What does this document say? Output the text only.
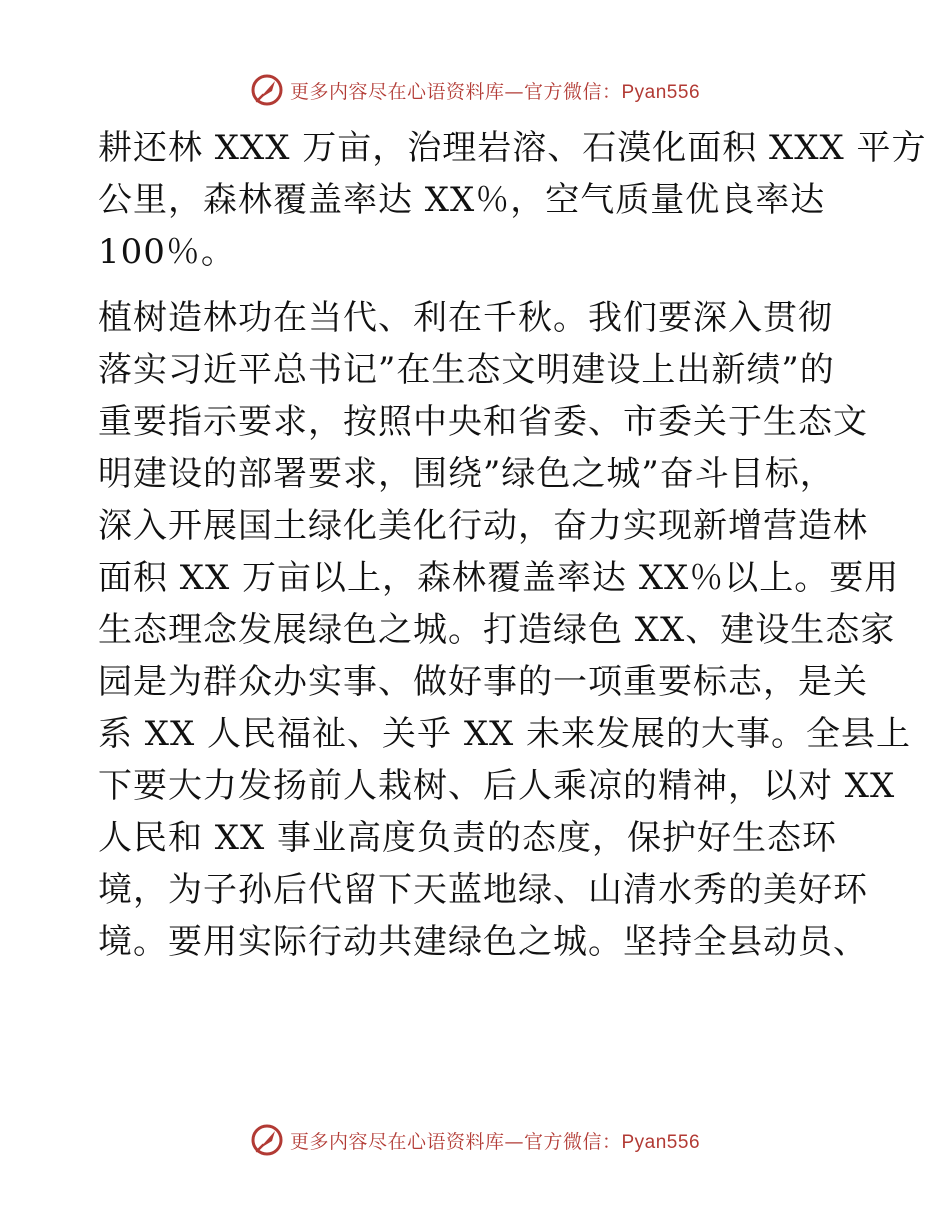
更多内容尽在心语资料库—官方微信：Pyan556

耕还林 XXX 万亩，治理岩溶、石漠化面积 XXX 平方
公里，森林覆盖率达 XX％，空气质量优良率达
100％。

植树造林功在当代、利在千秋。我们要深入贯彻
落实习近平总书记”在生态文明建设上出新绩”的
重要指示要求，按照中央和省委、市委关于生态文
明建设的部署要求，围绕”绿色之城”奋斗目标，
深入开展国土绿化美化行动，奋力实现新增营造林
面积 XX 万亩以上，森林覆盖率达 XX％以上。要用
生态理念发展绿色之城。打造绿色 XX、建设生态家
园是为群众办实事、做好事的一项重要标志，是关
系 XX 人民福祉、关乎 XX 未来发展的大事。全县上
下要大力发扬前人栽树、后人乘凉的精神，以对 XX
人民和 XX 事业高度负责的态度，保护好生态环
境，为子孙后代留下天蓝地绿、山清水秀的美好环
境。要用实际行动共建绿色之城。坚持全县动员、

更多内容尽在心语资料库—官方微信：Pyan556
